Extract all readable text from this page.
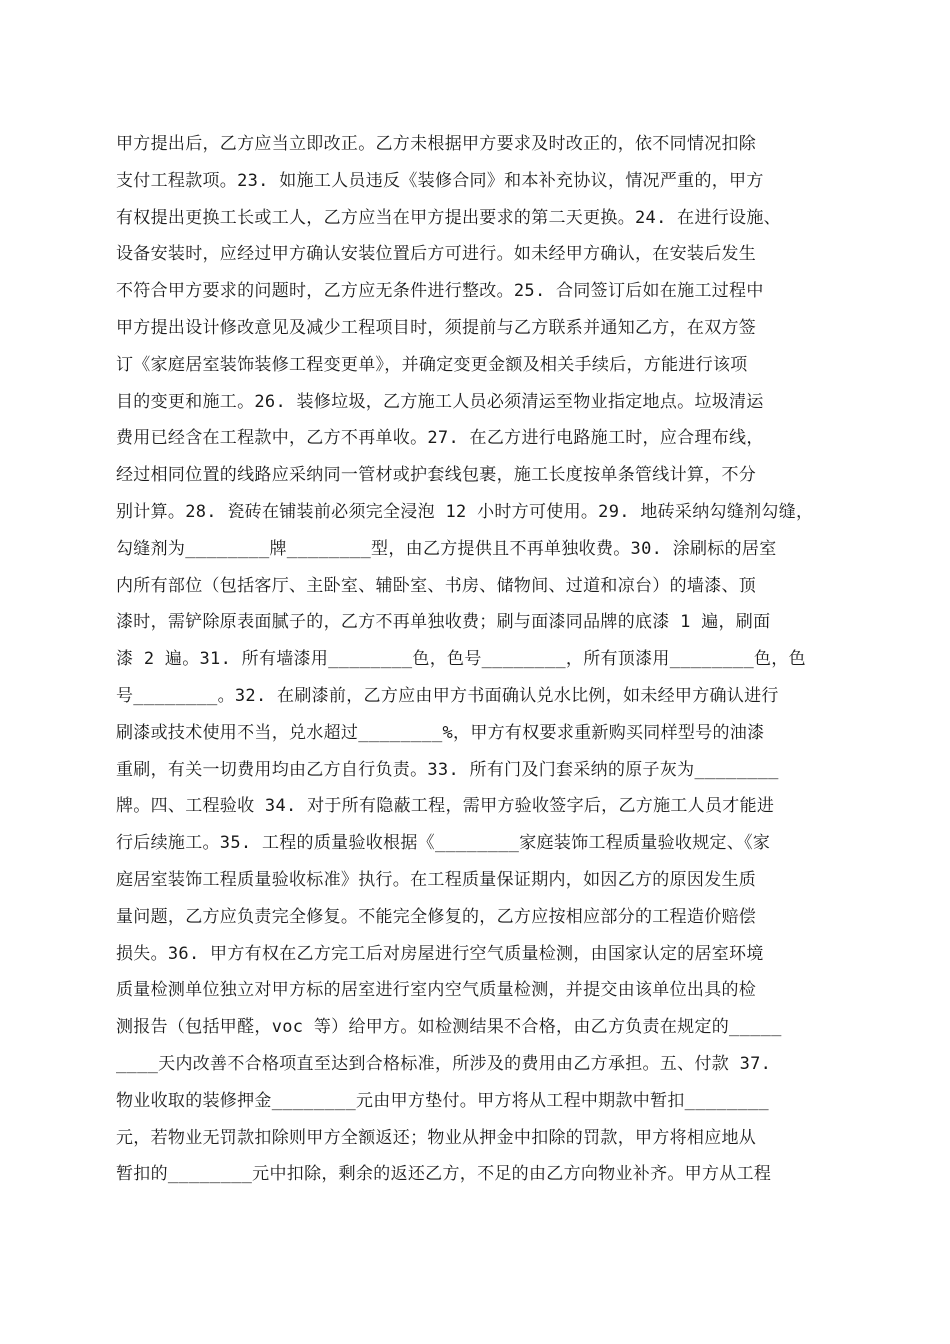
甲方提出后，乙方应当立即改正。乙方未根据甲方要求及时改正的，依不同情况扣除
支付工程款项。23. 如施工人员违反《装修合同》和本补充协议，情况严重的，甲方
有权提出更换工长或工人，乙方应当在甲方提出要求的第二天更换。24. 在进行设施、
设备安装时，应经过甲方确认安装位置后方可进行。如未经甲方确认，在安装后发生
不符合甲方要求的问题时，乙方应无条件进行整改。25. 合同签订后如在施工过程中
甲方提出设计修改意见及减少工程项目时，须提前与乙方联系并通知乙方，在双方签
订《家庭居室装饰装修工程变更单》，并确定变更金额及相关手续后，方能进行该项
目的变更和施工。26. 装修垃圾，乙方施工人员必须清运至物业指定地点。垃圾清运
费用已经含在工程款中，乙方不再单收。27. 在乙方进行电路施工时，应合理布线，
经过相同位置的线路应采纳同一管材或护套线包裹，施工长度按单条管线计算，不分
别计算。28. 瓷砖在铺装前必须完全浸泡 12 小时方可使用。29. 地砖采纳勾缝剂勾缝，
勾缝剂为________牌________型，由乙方提供且不再单独收费。30. 涂刷标的居室
内所有部位（包括客厅、主卧室、辅卧室、书房、储物间、过道和凉台）的墙漆、顶
漆时，需铲除原表面腻子的，乙方不再单独收费；刷与面漆同品牌的底漆 1 遍，刷面
漆 2 遍。31. 所有墙漆用________色，色号________，所有顶漆用________色，色
号________。32. 在刷漆前，乙方应由甲方书面确认兑水比例，如未经甲方确认进行
刷漆或技术使用不当，兑水超过________%，甲方有权要求重新购买同样型号的油漆
重刷，有关一切费用均由乙方自行负责。33. 所有门及门套采纳的原子灰为________
牌。四、工程验收 34. 对于所有隐蔽工程，需甲方验收签字后，乙方施工人员才能进
行后续施工。35. 工程的质量验收根据《________家庭装饰工程质量验收规定、《家
庭居室装饰工程质量验收标准》执行。在工程质量保证期内，如因乙方的原因发生质
量问题，乙方应负责完全修复。不能完全修复的，乙方应按相应部分的工程造价赔偿
损失。36. 甲方有权在乙方完工后对房屋进行空气质量检测，由国家认定的居室环境
质量检测单位独立对甲方标的居室进行室内空气质量检测，并提交由该单位出具的检
测报告（包括甲醛，voc 等）给甲方。如检测结果不合格，由乙方负责在规定的_____
____天内改善不合格项直至达到合格标准，所涉及的费用由乙方承担。五、付款 37.
物业收取的装修押金________元由甲方垫付。甲方将从工程中期款中暂扣________
元，若物业无罚款扣除则甲方全额返还；物业从押金中扣除的罚款，甲方将相应地从
暂扣的________元中扣除，剩余的返还乙方，不足的由乙方向物业补齐。甲方从工程
